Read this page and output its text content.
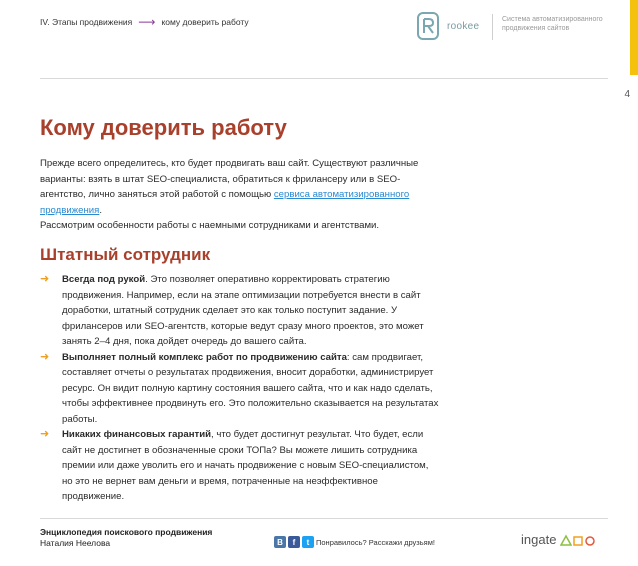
IV. Этапы продвижения ⟶ кому доверить работу	rookee
Система автоматизированного продвижения сайтов
4
Кому доверить работу
Прежде всего определитесь, кто будет продвигать ваш сайт. Существуют различные варианты: взять в штат SEO-специалиста, обратиться к фрилансеру или в SEO-агентство, лично заняться этой работой с помощью сервиса автоматизированного продвижения.
Рассмотрим особенности работы с наемными сотрудниками и агентствами.
Штатный сотрудник

➜	Всегда под рукой. Это позволяет оперативно корректировать стратегию продвижения. Например, если на этапе оптимизации потребуется внести в сайт доработки, штатный сотрудник сделает это как только поступит задание. У фрилансеров или SEO-агентств, которые ведут сразу много проектов, это может занять 2–4 дня, пока дойдет очередь до вашего сайта.

➜	Выполняет полный комплекс работ по продвижению сайта: сам продвигает, составляет отчеты о результатах продвижения, вносит доработки, администрирует ресурс. Он видит полную картину состояния вашего сайта, что и как надо сделать, чтобы эффективнее продвинуть его. Это положительно сказывается на результатах работы.

➜	Никаких финансовых гарантий, что будет достигнут результат. Что будет, если сайт не достигнет в обозначенные сроки ТОПа? Вы можете лишить сотрудника премии или даже уволить его и начать продвижение с новым SEO-специалистом, но это не вернет вам деньги и время, потраченные на неэффективное продвижение.

Энциклопедия поискового продвижения
Наталия Неелова	В	f	t Понравилось? Расскажи друзьям!	ingate
